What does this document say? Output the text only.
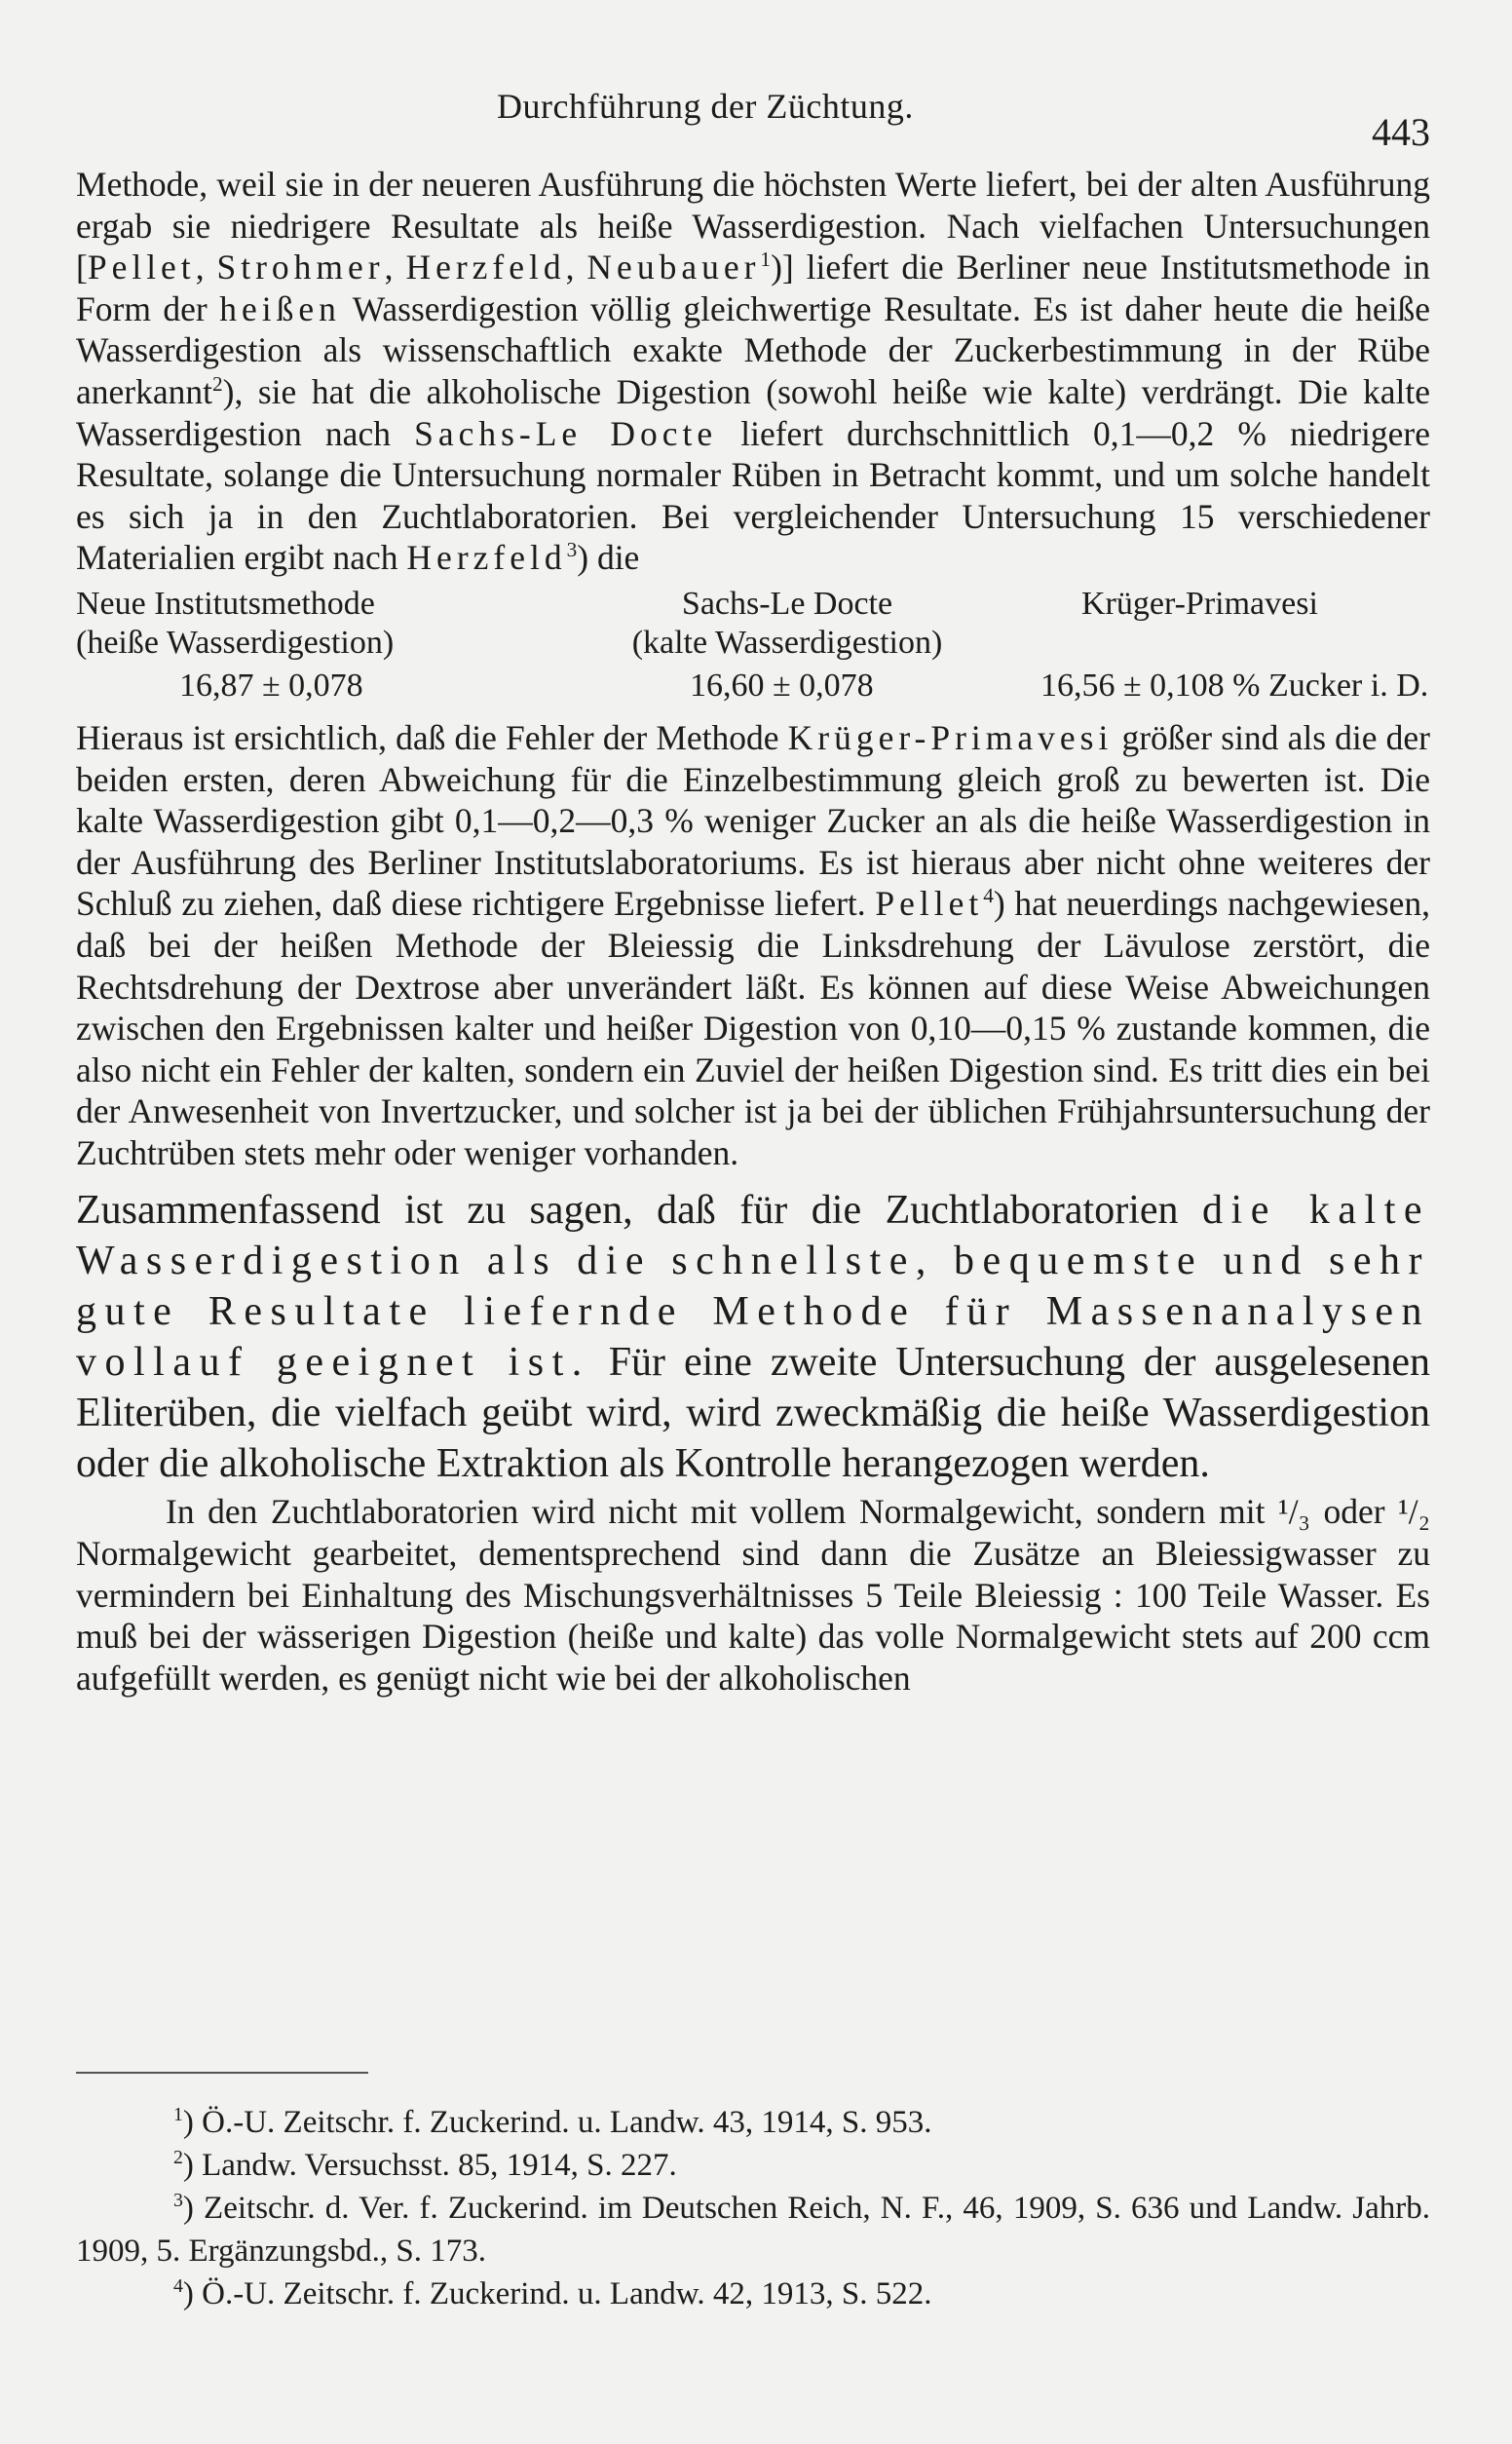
Durchführung der Züchtung.
443

Methode, weil sie in der neueren Ausführung die höchsten Werte liefert, bei der alten Ausführung ergab sie niedrigere Resultate als heiße Wasserdigestion. Nach vielfachen Untersuchungen [Pellet, Strohmer, Herzfeld, Neubauer$^1$)] liefert die Berliner neue Institutsmethode in Form der heißen Wasserdigestion völlig gleichwertige Resultate. Es ist daher heute die heiße Wasserdigestion als wissenschaftlich exakte Methode der Zuckerbestimmung in der Rübe anerkannt$^2$), sie hat die alkoholische Digestion (sowohl heiße wie kalte) verdrängt. Die kalte Wasserdigestion nach Sachs-Le Docte liefert durchschnittlich 0,1—0,2 % niedrigere Resultate, solange die Untersuchung normaler Rüben in Betracht kommt, und um solche handelt es sich ja in den Zuchtlaboratorien. Bei vergleichender Untersuchung 15 verschiedener Materialien ergibt nach Herzfeld$^3$) die

Neue Institutsmethode
(heiße Wasserdigestion)
16,87 ± 0,078
Sachs-Le Docte
(kalte Wasserdigestion)
16,60 ± 0,078
Krüger-Primavesi
16,56 ± 0,108 % Zucker i. D.

Hieraus ist ersichtlich, daß die Fehler der Methode Krüger-Primavesi größer sind als die der beiden ersten, deren Abweichung für die Einzelbestimmung gleich groß zu bewerten ist. Die kalte Wasserdigestion gibt 0,1—0,2—0,3 % weniger Zucker an als die heiße Wasserdigestion in der Ausführung des Berliner Institutslaboratoriums. Es ist hieraus aber nicht ohne weiteres der Schluß zu ziehen, daß diese richtigere Ergebnisse liefert. Pellet$^4$) hat neuerdings nachgewiesen, daß bei der heißen Methode der Bleiessig die Linksdrehung der Lävulose zerstört, die Rechtsdrehung der Dextrose aber unverändert läßt. Es können auf diese Weise Abweichungen zwischen den Ergebnissen kalter und heißer Digestion von 0,10—0,15 % zustande kommen, die also nicht ein Fehler der kalten, sondern ein Zuviel der heißen Digestion sind. Es tritt dies ein bei der Anwesenheit von Invertzucker, und solcher ist ja bei der üblichen Frühjahrsuntersuchung der Zuchtrüben stets mehr oder weniger vorhanden.

Zusammenfassend ist zu sagen, daß für die Zuchtlaboratorien die kalte Wasserdigestion als die schnellste, bequemste und sehr gute Resultate liefernde Methode für Massenanalysen vollauf geeignet ist. Für eine zweite Untersuchung der ausgelesenen Eliterüben, die vielfach geübt wird, wird zweckmäßig die heiße Wasserdigestion oder die alkoholische Extraktion als Kontrolle herangezogen werden.

In den Zuchtlaboratorien wird nicht mit vollem Normalgewicht, sondern mit ¹/₃ oder ¹/₂ Normalgewicht gearbeitet, dementsprechend sind dann die Zusätze an Bleiessigwasser zu vermindern bei Einhaltung des Mischungsverhältnisses 5 Teile Bleiessig : 100 Teile Wasser. Es muß bei der wässerigen Digestion (heiße und kalte) das volle Normalgewicht stets auf 200 ccm aufgefüllt werden, es genügt nicht wie bei der alkoholischen

$^1$) Ö.-U. Zeitschr. f. Zuckerind. u. Landw. 43, 1914, S. 953.

$^2$) Landw. Versuchsst. 85, 1914, S. 227.

$^3$) Zeitschr. d. Ver. f. Zuckerind. im Deutschen Reich, N. F., 46, 1909, S. 636 und Landw. Jahrb. 1909, 5. Ergänzungsbd., S. 173.

$^4$) Ö.-U. Zeitschr. f. Zuckerind. u. Landw. 42, 1913, S. 522.
